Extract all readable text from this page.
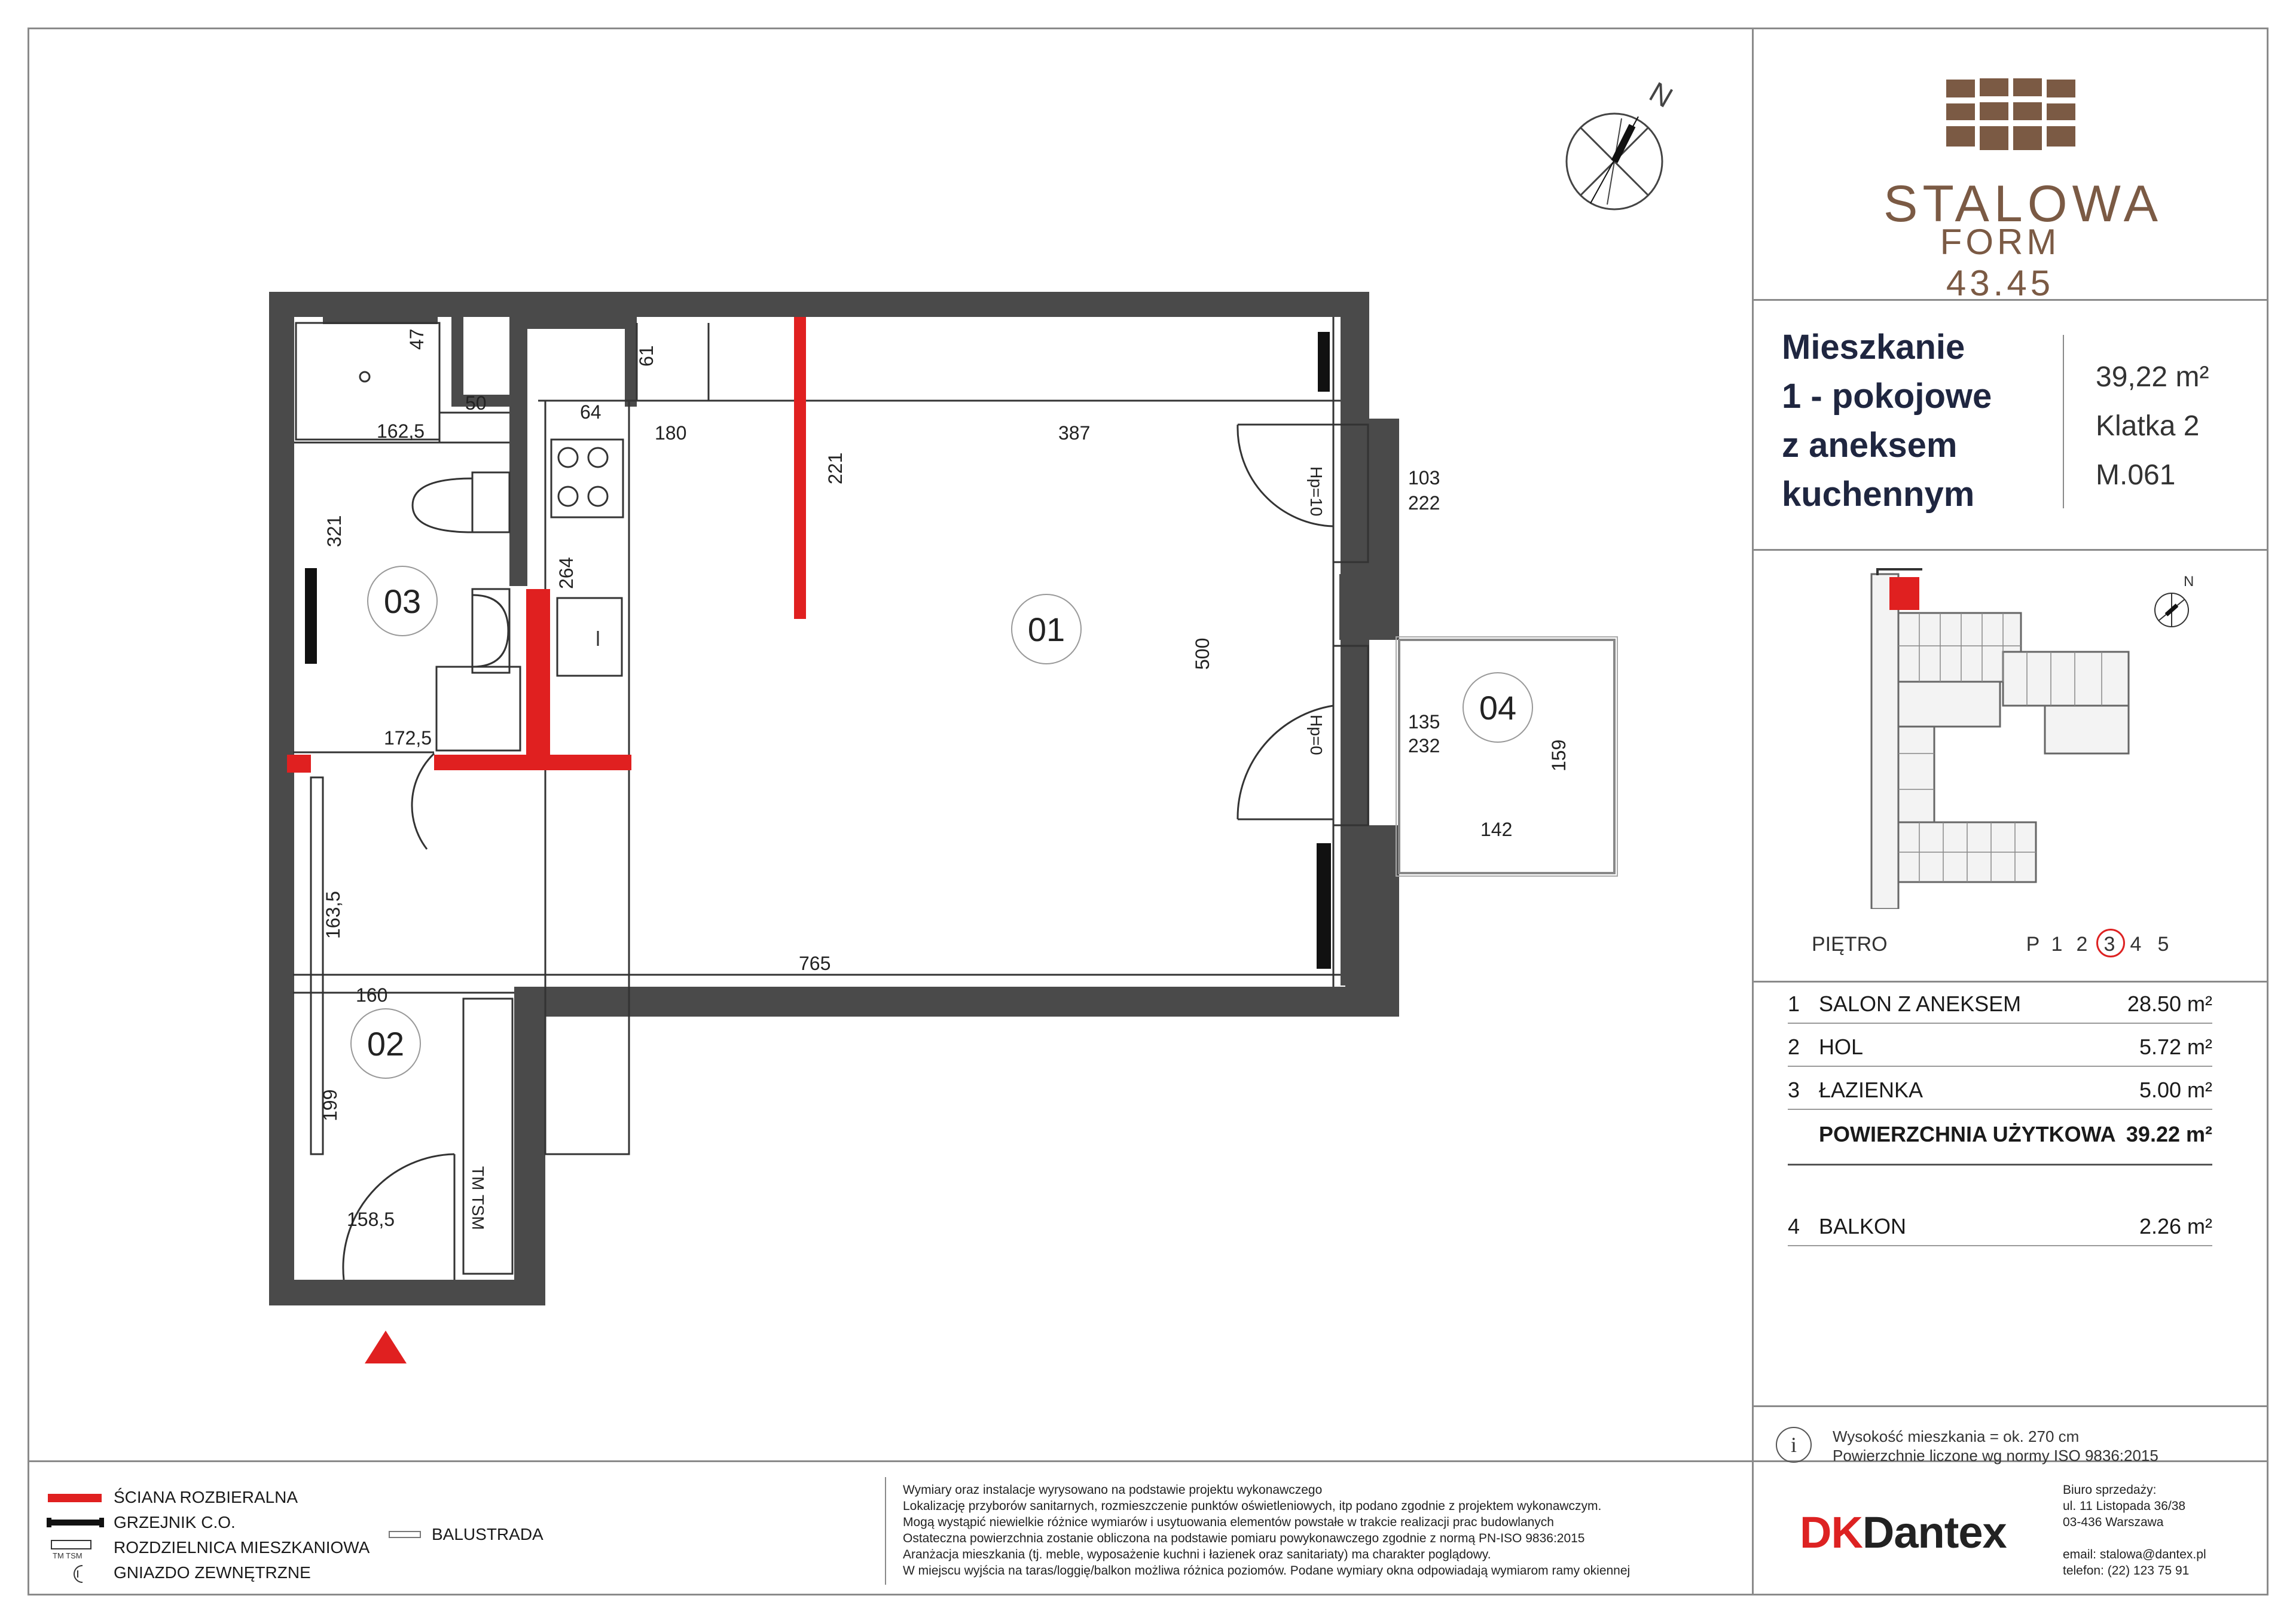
STALOWA
FORM 43.45
Mieszkanie
1 - pokojowe
z aneksem
kuchennym
39,22 m²
Klatka 2
M.061
N
PIĘTRO	P 1 2 3 4 5
1 SALON Z ANEKSEM	28.50 m²
2 HOL	5.72 m²
3 ŁAZIENKA	5.00 m²
POWIERZCHNIA UŻYTKOWA 39.22 m²
4 BALKON	2.26 m²
i	Wysokość mieszkania = ok. 270 cm
Powierzchnie liczone wg normy ISO 9836:2015
ŚCIANA ROZBIERALNA
GRZEJNIK C.O.
TM TSM ROZDZIELNICA MIESZKANIOWA
GNIAZDO ZEWNĘTRZNE
BALUSTRADA
Wymiary oraz instalacje wyrysowano na podstawie projektu wykonawczego
Lokalizację przyborów sanitarnych, rozmieszczenie punktów oświetleniowych, itp podano zgodnie z projektem wykonawczym.
Mogą wystąpić niewielkie różnice wymiarów i usytuowania elementów powstałe w trakcie realizacji prac budowlanych
Ostateczna powierzchnia zostanie obliczona na podstawie pomiaru powykonawczego zgodnie z normą PN-ISO 9836:2015
Aranżacja mieszkania (tj. meble, wyposażenie kuchni i łazienek oraz sanitariaty) ma charakter poglądowy.
W miejscu wyjścia na taras/loggię/balkon możliwa różnica poziomów. Podane wymiary okna odpowiadają wymiarom ramy okiennej
DKDantex
Biuro sprzedaży:
ul. 11 Listopada 36/38
03-436 Warszawa
email: stalowa@dantex.pl
telefon: (22) 123 75 91
N
01
02
03
04
47
50
162,5
64
61
180	387
221	103
222
321
264
500
172,5
135
232	159
142
163,5
765
160
199
158,5
Hp=10
Hp=0
TM TSM
